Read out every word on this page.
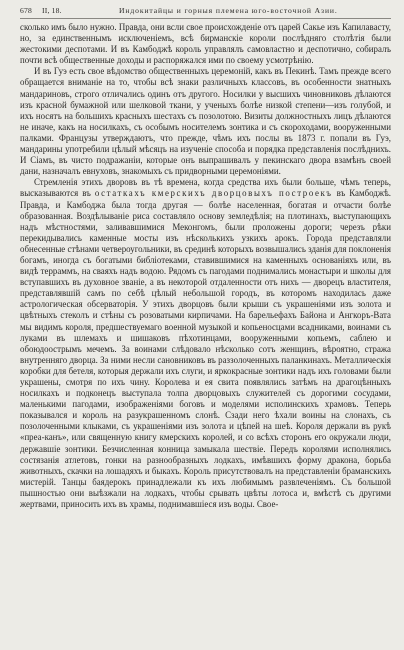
678	II, 18.	Индокитайцы и горныя племена юго-восточной Азии.

сколько имъ было нужно. Правда, они всли свое происхожденіе отъ царей Сакье изъ Капилавасту, но, за единственнымъ исключеніемъ, всѣ бирманскіе короли послѣдняго столѣтія были жестокими деспотами. И въ Камбоджѣ король управлялъ самовластно и деспотично, собиралъ почти всѣ общественные доходы и распоряжался ими по своему усмотрѣнію.

И въ Гуэ есть свое вѣдомство общественныхъ церемоній, какъ въ Пекинѣ. Тамъ прежде всего обращается вниманіе на то, чтобы всѣ знаки различныхъ классовъ, въ особенности знатныхъ мандариновъ, строго отличались одинъ отъ другого. Носилки у высшихъ чиновниковъ дѣлаются изъ красной бумажной или шелковой ткани, у ученыхъ болѣе низкой степени—изъ голубой, и ихъ носятъ на большихъ красныхъ шестахъ съ позолотою. Визиты должностныхъ лицъ дѣлаются не иначе, какъ на носилкахъ, съ особымъ носителемъ зонтика и съ скороходами, вооруженными палками. Французы утверждаютъ, что прежде, чѣмъ ихъ послы въ 1873 г. попали въ Гуэ, мандарины употребили цѣлый мѣсяцъ на изученіе способа и порядка представленія послѣднихъ. И Сіамъ, въ чисто подражаніи, которые онъ выпрашивалъ у пекинскаго двора взамѣнъ своей дани, назначалъ евнуховъ, знакомыхъ съ придворными церемоніями.

Стремленія этихъ дворовъ въ тѣ времена, когда средства ихъ были больше, чѣмъ теперь, высказываются въ остаткахъ кмерскихъ дворцовыхъ построекъ въ Камбоджѣ. Правда, и Камбоджа была тогда другая — болѣе населенная, богатая и отчасти болѣе образованная. Воздѣлываніе риса составляло основу земледѣлія; на плотинахъ, выступающихъ надъ мѣстностями, заливавшимися Меконгомъ, были проложены дороги; черезъ рѣки перекидывались каменные мосты изъ нѣсколькихъ узкихъ арокъ. Города представляли обнесенные стѣнами четвероугольники, въ срединѣ которыхъ возвышались зданія для поклоненія богамъ, иногда съ богатыми библіотеками, ставившимися на каменныхъ основаніяхъ или, въ видѣ терраммъ, на сваяхъ надъ водою. Рядомъ съ пагодами поднимались монастыри и школы для вступавшихъ въ духовное званіе, а въ некоторой отдаленности отъ нихъ — дворецъ властителя, представлявшій самъ по себѣ цѣлый небольшой городъ, въ которомъ находилась даже астрологическая обсерваторія. У этихъ дворцовъ были крыши съ украшеніями изъ золота и цвѣтныхъ стеколъ и стѣны съ розоватыми кирпичами. На барельефахъ Байона и Ангкоръ-Вата мы видимъ короля, предшествуемаго военной музыкой и копьеносцами всадниками, воинами съ луками въ шлемахъ и шишаковъ пѣхотинцами, вооруженными копьемъ, саблею и обоюдоострымъ мечемъ. За воинами слѣдовало нѣсколько сотъ женщинъ, вѣроятно, стража внутренняго дворца. За ними несли сановниковъ въ раззолоченныхъ паланкинахъ. Металлическія коробки для бетеля, которыя держали ихъ слуги, и яркокрасные зонтики надъ ихъ головами были украшены, смотря по ихъ чину. Королева и ея свита появлялись затѣмъ на драгоцѣнныхъ носилкахъ и подконецъ выступала толпа дворцовыхъ служителей съ дорогими сосудами, маленькими пагодами, изображеніями боговъ и моделями исполинскихъ храмовъ. Теперь показывался и король на разукрашенномъ слонѣ. Сзади него ѣхали воины на слонахъ, съ позолоченными клыками, съ украшеніями изъ золота и цѣпей на шеѣ. Короля держали въ рукѣ «преа-канъ», или священную книгу кмерскихъ королей, и со всѣхъ сторонъ его окружали люди, державшіе зонтики. Безчисленная конница замыкала шествіе. Передъ королями исполнялись состязанія атлетовъ, гонки на разнообразныхъ лодкахъ, имѣвшихъ форму дракона, борьба животныхъ, скачки на лошадяхъ и быкахъ. Король присутствовалъ на представленіи браманскихъ мистерій. Танцы баядерокъ принадлежали къ ихъ любимымъ развлеченіямъ. Съ большой пышностью они выѣзжали на лодкахъ, чтобы срывать цвѣты лотоса и, вмѣстѣ съ другими жертвами, приносить ихъ въ храмы, поднимавшіеся изъ воды. Свое-
